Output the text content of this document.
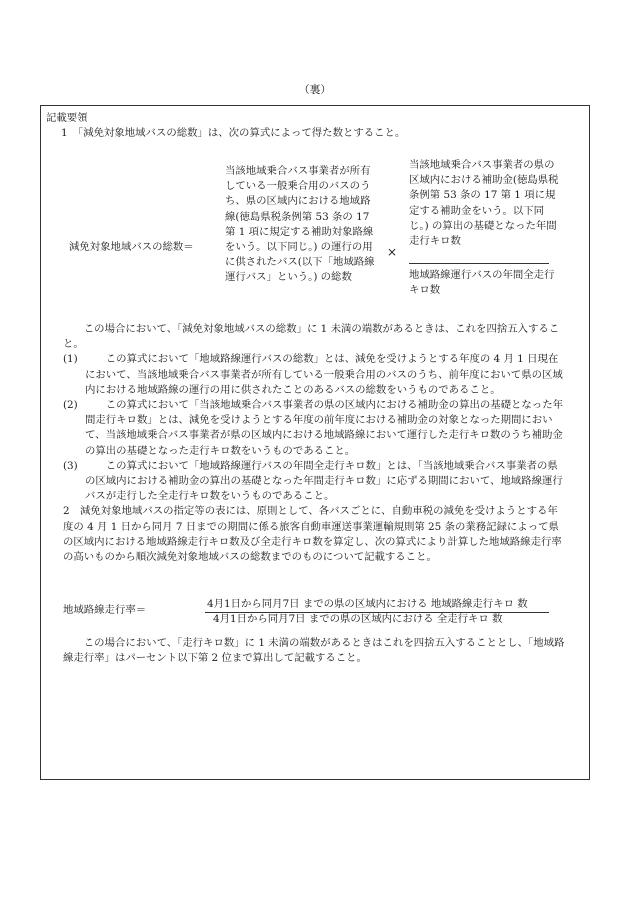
（裏）
記載要領
1　「減免対象地域バスの総数」は、次の算式によって得た数とすること。
減免対象地域バスの総数＝
当該地域乗合バス事業者が所有している一般乗合用のバスのうち、県の区域内における地域路線(徳島県税条例第 53 条の 17 第 1 項に規定する補助対象路線をいう。以下同じ。) の運行の用に供されたバス(以下「地域路線運行バス」という。) の総数
×
当該地域乗合バス事業者の県の区域内における補助金(徳島県税条例第 53 条の 17 第 1 項に規定する補助金をいう。以下同じ。) の算出の基礎となった年間走行キロ数
地域路線運行バスの年間全走行キロ数

この場合において、「減免対象地域バスの総数」に 1 未満の端数があるときは、これを四捨五入すること。

(1)	この算式において「地域路線運行バスの総数」とは、減免を受けようとする年度の 4 月 1 日現在において、当該地域乗合バス事業者が所有している一般乗合用のバスのうち、前年度において県の区域内における地域路線の運行の用に供されたことのあるバスの総数をいうものであること。
(2)	この算式において「当該地域乗合バス事業者の県の区域内における補助金の算出の基礎となった年間走行キロ数」とは、減免を受けようとする年度の前年度における補助金の対象となった期間において、当該地域乗合バス事業者が県の区域内における地域路線において運行した走行キロ数のうち補助金の算出の基礎となった走行キロ数をいうものであること。
(3)	この算式において「地域路線運行バスの年間全走行キロ数」とは、「当該地域乗合バス事業者の県の区域内における補助金の算出の基礎となった年間走行キロ数」に応ずる期間において、地域路線運行バスが走行した全走行キロ数をいうものであること。

2　減免対象地域バスの指定等の表には、原則として、各バスごとに、自動車税の減免を受けようとする年度の 4 月 1 日から同月 7 日までの期間に係る旅客自動車運送事業運輸規則第 25 条の業務記録によって県の区域内における地域路線走行キロ数及び全走行キロ数を算定し、次の算式により計算した地域路線走行率の高いものから順次減免対象地域バスの総数までのものについて記載すること。

地域路線走行率＝	4月1日から同月7日 までの県の区域内における 地域路線走行キロ 数
4月1日から同月7日 までの県の区域内における 全走行キロ 数

この場合において、「走行キロ数」に 1 未満の端数があるときはこれを四捨五入することとし、「地域路線走行率」はパーセント以下第 2 位まで算出して記載すること。
